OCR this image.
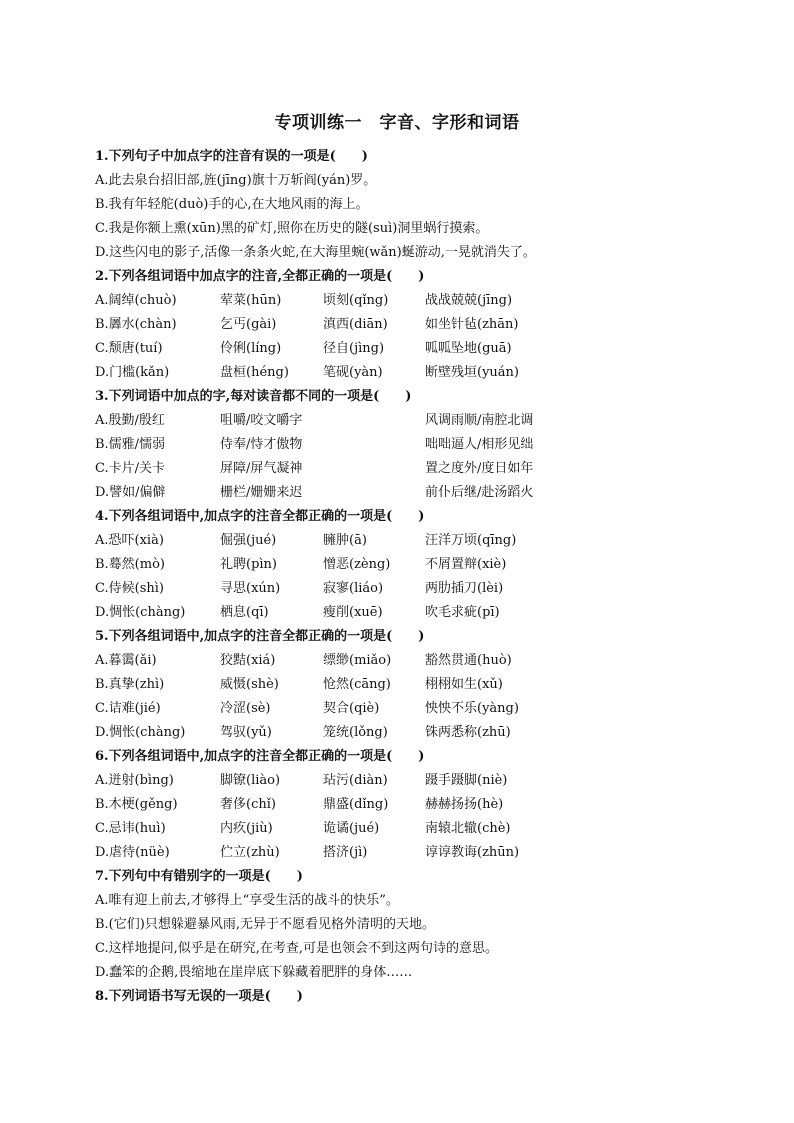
专项训练一　字音、字形和词语
1.下列句子中加点字的注音有误的一项是(　　)
A.此去泉台招旧部,旌(jīng)旗十万斩阎(yán)罗。
B.我有年轻舵(duò)手的心,在大地风雨的海上。
C.我是你额上熏(xūn)黑的矿灯,照你在历史的隧(suì)洞里蜗行摸索。
D.这些闪电的影子,活像一条条火蛇,在大海里蜿(wǎn)蜒游动,一晃就消失了。
2.下列各组词语中加点字的注音,全都正确的一项是(　　)
A.阔绰(chuò)	荤菜(hūn)	顷刻(qǐng)	战战兢兢(jīng)
B.羼水(chàn)	乞丐(gài)	滇西(diān)	如坐针毡(zhān)
C.颓唐(tuí)	伶俐(líng)	径自(jìng)	呱呱坠地(guā)
D.门槛(kǎn)	盘桓(héng)	笔砚(yàn)	断壁残垣(yuán)
3.下列词语中加点的字,每对读音都不同的一项是(　　)
A.殷勤/殷红	咀嚼/咬文嚼字	风调雨顺/南腔北调
B.儒雅/懦弱	侍奉/恃才傲物	咄咄逼人/相形见绌
C.卡片/关卡	屏障/屏气凝神	置之度外/度日如年
D.譬如/偏僻	栅栏/姗姗来迟	前仆后继/赴汤蹈火
4.下列各组词语中,加点字的注音全都正确的一项是(　　)
A.恐吓(xià)	倔强(jué)	臃肿(ā)	汪洋万顷(qīng)
B.蓦然(mò)	礼聘(pìn)	憎恶(zèng)	不屑置辩(xiè)
C.侍候(shì)	寻思(xún)	寂寥(liáo)	两肋插刀(lèi)
D.惆怅(chàng)	栖息(qī)	瘦削(xuē)	吹毛求疵(pī)
5.下列各组词语中,加点字的注音全都正确的一项是(　　)
A.暮霭(ǎi)	狡黠(xiá)	缥缈(miǎo)	豁然贯通(huò)
B.真挚(zhì)	威慑(shè)	怆然(cāng)	栩栩如生(xǔ)
C.诘难(jié)	冷涩(sè)	契合(qiè)	怏怏不乐(yàng)
D.惆怅(chàng)	驾驭(yǔ)	笼统(lǒng)	铢两悉称(zhū)
6.下列各组词语中,加点字的注音全都正确的一项是(　　)
A.迸射(bìng)	脚镣(liào)	玷污(diàn)	蹑手蹑脚(niè)
B.木梗(gěng)	奢侈(chǐ)	鼎盛(dǐng)	赫赫扬扬(hè)
C.忌讳(huì)	内疚(jiù)	诡谲(jué)	南辕北辙(chè)
D.虐待(nüè)	伫立(zhù)	搭济(jì)	谆谆教诲(zhūn)
7.下列句中有错别字的一项是(　　)
A.唯有迎上前去,才够得上“享受生活的战斗的快乐”。
B.(它们)只想躲避暴风雨,无异于不愿看见格外清明的天地。
C.这样地提问,似乎是在研究,在考查,可是也领会不到这两句诗的意思。
D.蠢笨的企鹅,畏缩地在崖岸底下躲藏着肥胖的身体……
8.下列词语书写无误的一项是(　　)
